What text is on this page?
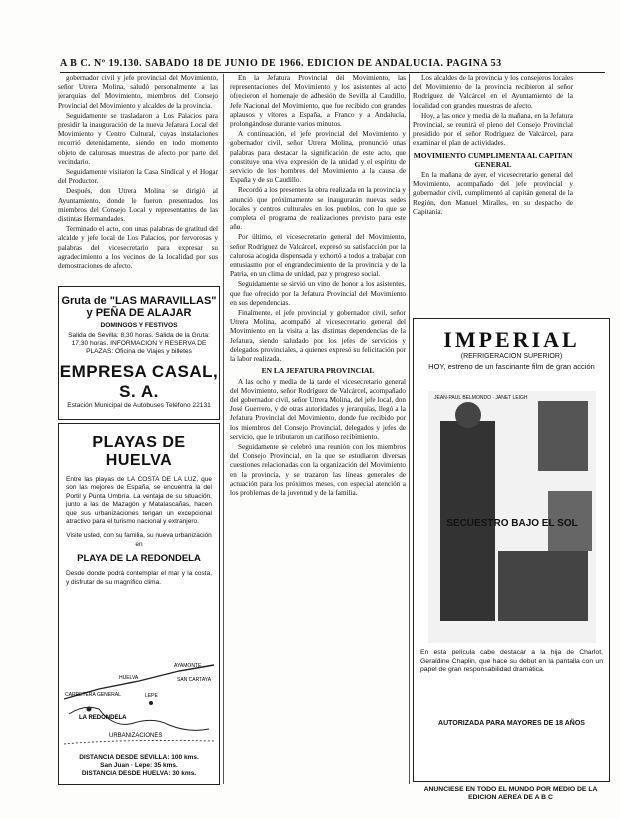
A B C. Nº 19.130. SABADO 18 DE JUNIO DE 1966. EDICION DE ANDALUCIA. PAGINA 53

gobernador civil y jefe provincial del Movimiento, señor Utrera Molina, saludó personalmente a las jerarquías del Movimiento, miembros del Consejo Provincial del Movimiento y alcaldes de la provincia.

Seguidamente se trasladaron a Los Palacios para presidir la inauguración de la nueva Jefatura Local del Movimiento y Centro Cultural, cuyas instalaciones recorrió detenidamente, siendo en todo momento objeto de calurosas muestras de afecto por parte del vecindario.

Seguidamente visitaron la Casa Sindical y el Hogar del Productor.

Después, don Utrera Molina se dirigió al Ayuntamiento, donde le fueron presentados los miembros del Consejo Local y representantes de las distintas Hermandades.

Terminado el acto, con unas palabras de gratitud del alcalde y jefe local de Los Palacios, por fervorosas y palabras del vicesecretario para expresar su agradecimiento a los vecinos de la localidad por sus demostraciones de afecto.

En la Jefatura Provincial del Movimiento, las representaciones del Movimiento y los asistentes al acto ofrecieron el homenaje de adhesión de Sevilla al Caudillo, Jefe Nacional del Movimiento, que fue recibido con grandes aplausos y vítores a España, a Franco y a Andalucía, prolongándose durante varios minutos.

A continuación, el jefe provincial del Movimiento y gobernador civil, señor Utrera Molina, pronunció unas palabras para destacar la significación de este acto, que constituye una viva expresión de la unidad y el espíritu de servicio de los hombres del Movimiento a la causa de España y de su Caudillo.

Recordó a los presentes la obra realizada en la provincia y anunció que próximamente se inaugurarán nuevas sedes locales y centros culturales en los pueblos, con lo que se completa el programa de realizaciones previsto para este año.

Por último, el vicesecretario general del Movimiento, señor Rodríguez de Valcárcel, expresó su satisfacción por la calurosa acogida dispensada y exhortó a todos a trabajar con entusiasmo por el engrandecimiento de la provincia y de la Patria, en un clima de unidad, paz y progreso social.

Seguidamente se sirvió un vino de honor a los asistentes, que fue ofrecido por la Jefatura Provincial del Movimiento en sus dependencias.

Finalmente, el jefe provincial y gobernador civil, señor Utrera Molina, acompañó al vicesecretario general del Movimiento en la visita a las distintas dependencias de la Jefatura, siendo saludado por los jefes de servicios y delegados provinciales, a quienes expresó su felicitación por la labor realizada.

EN LA JEFATURA PROVINCIAL

A las ocho y media de la tarde el vicesecretario general del Movimiento, señor Rodríguez de Valcárcel, acompañado del gobernador civil, señor Utrera Molina, del jefe local, don José Guerrero, y de otras autoridades y jerarquías, llegó a la Jefatura Provincial del Movimiento, donde fue recibido por los miembros del Consejo Provincial, delegados y jefes de servicio, que le tributaron un cariñoso recibimiento.

Seguidamente se celebró una reunión con los miembros del Consejo Provincial, en la que se estudiaron diversas cuestiones relacionadas con la organización del Movimiento en la provincia, y se trazaron las líneas generales de actuación para los próximos meses, con especial atención a los problemas de la juventud y de la familia.

Los alcaldes de la provincia y los consejeros locales del Movimiento de la provincia recibieron al señor Rodríguez de Valcárcel en el Ayuntamiento de la localidad con grandes muestras de afecto.

Hoy, a las once y media de la mañana, en la Jefatura Provincial, se reunirá el pleno del Consejo Provincial presidido por el señor Rodríguez de Valcárcel, para examinar el plan de actividades.

MOVIMIENTO CUMPLIMENTA AL CAPITAN GENERAL

En la mañana de ayer, el vicesecretario general del Movimiento, acompañado del jefe provincial y gobernador civil, cumplimentó al capitán general de la Región, don Manuel Miralles, en su despacho de Capitanía.

Gruta de "LAS MARAVILLAS" y PEÑA DE ALAJAR
DOMINGOS Y FESTIVOS
Salida de Sevilla: 8,30 horas. Salida de la Gruta: 17,30 horas. INFORMACION Y RESERVA DE PLAZAS: Oficina de Viajes y billetes
EMPRESA CASAL, S. A.
Estación Municipal de Autobuses Teléfono 22131
PLAYAS DE HUELVA
Entre las playas de LA COSTA DE LA LUZ, que son las mejores de España, se encuentra la del Portil y Punta Umbría. La ventaja de su situación, junto a las de Mazagón y Matalascañas, hacen que sus urbanizaciones tengan un excepcional atractivo para el turismo nacional y extranjero.
Visite usted, con su familia, su nueva urbanización en
PLAYA DE LA REDONDELA
Desde donde podrá contemplar el mar y la costa, y disfrutar de su magnífico clima.
CARRETERA GENERAL
HUELVA
AYAMONTE
SAN CARTAYA
LA REDONDELA
LEPE
URBANIZACIONES
DISTANCIA DESDE SEVILLA: 100 kms.
San Juan · Lepe: 35 kms.
DISTANCIA DESDE HUELVA: 30 kms.
IMPERIAL
(REFRIGERACION SUPERIOR)
HOY, estreno de un fascinante film de gran acción
JEAN-PAUL BELMONDO · JANET LEIGH
SECUESTRO BAJO EL SOL
En esta película cabe destacar a la hija de Charlot, Geraldine Chaplin, que hace su debut en la pantalla con un papel de gran responsabilidad dramática.
AUTORIZADA PARA MAYORES DE 18 AÑOS
ANUNCIESE EN TODO EL MUNDO POR MEDIO DE LA EDICION AEREA DE A B C
